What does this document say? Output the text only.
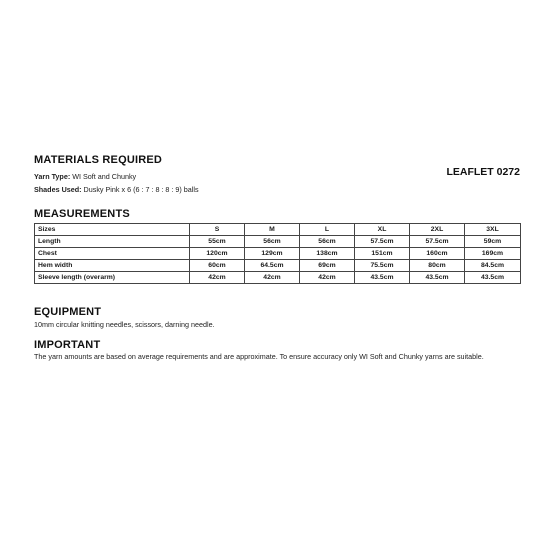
MATERIALS REQUIRED
Yarn Type: WI Soft and Chunky
Shades Used: Dusky Pink x 6 (6 : 7 : 8 : 8 : 9) balls
LEAFLET 0272
MEASUREMENTS
Sizes	S	M	L	XL	2XL	3XL
Length	55cm	56cm	56cm	57.5cm	57.5cm	59cm
Chest	120cm	129cm	138cm	151cm	160cm	169cm
Hem width	60cm	64.5cm	69cm	75.5cm	80cm	84.5cm
Sleeve length (overarm)	42cm	42cm	42cm	43.5cm	43.5cm	43.5cm
EQUIPMENT
10mm circular knitting needles, scissors, darning needle.
IMPORTANT
The yarn amounts are based on average requirements and are approximate. To ensure accuracy only WI Soft and Chunky yarns are suitable.
